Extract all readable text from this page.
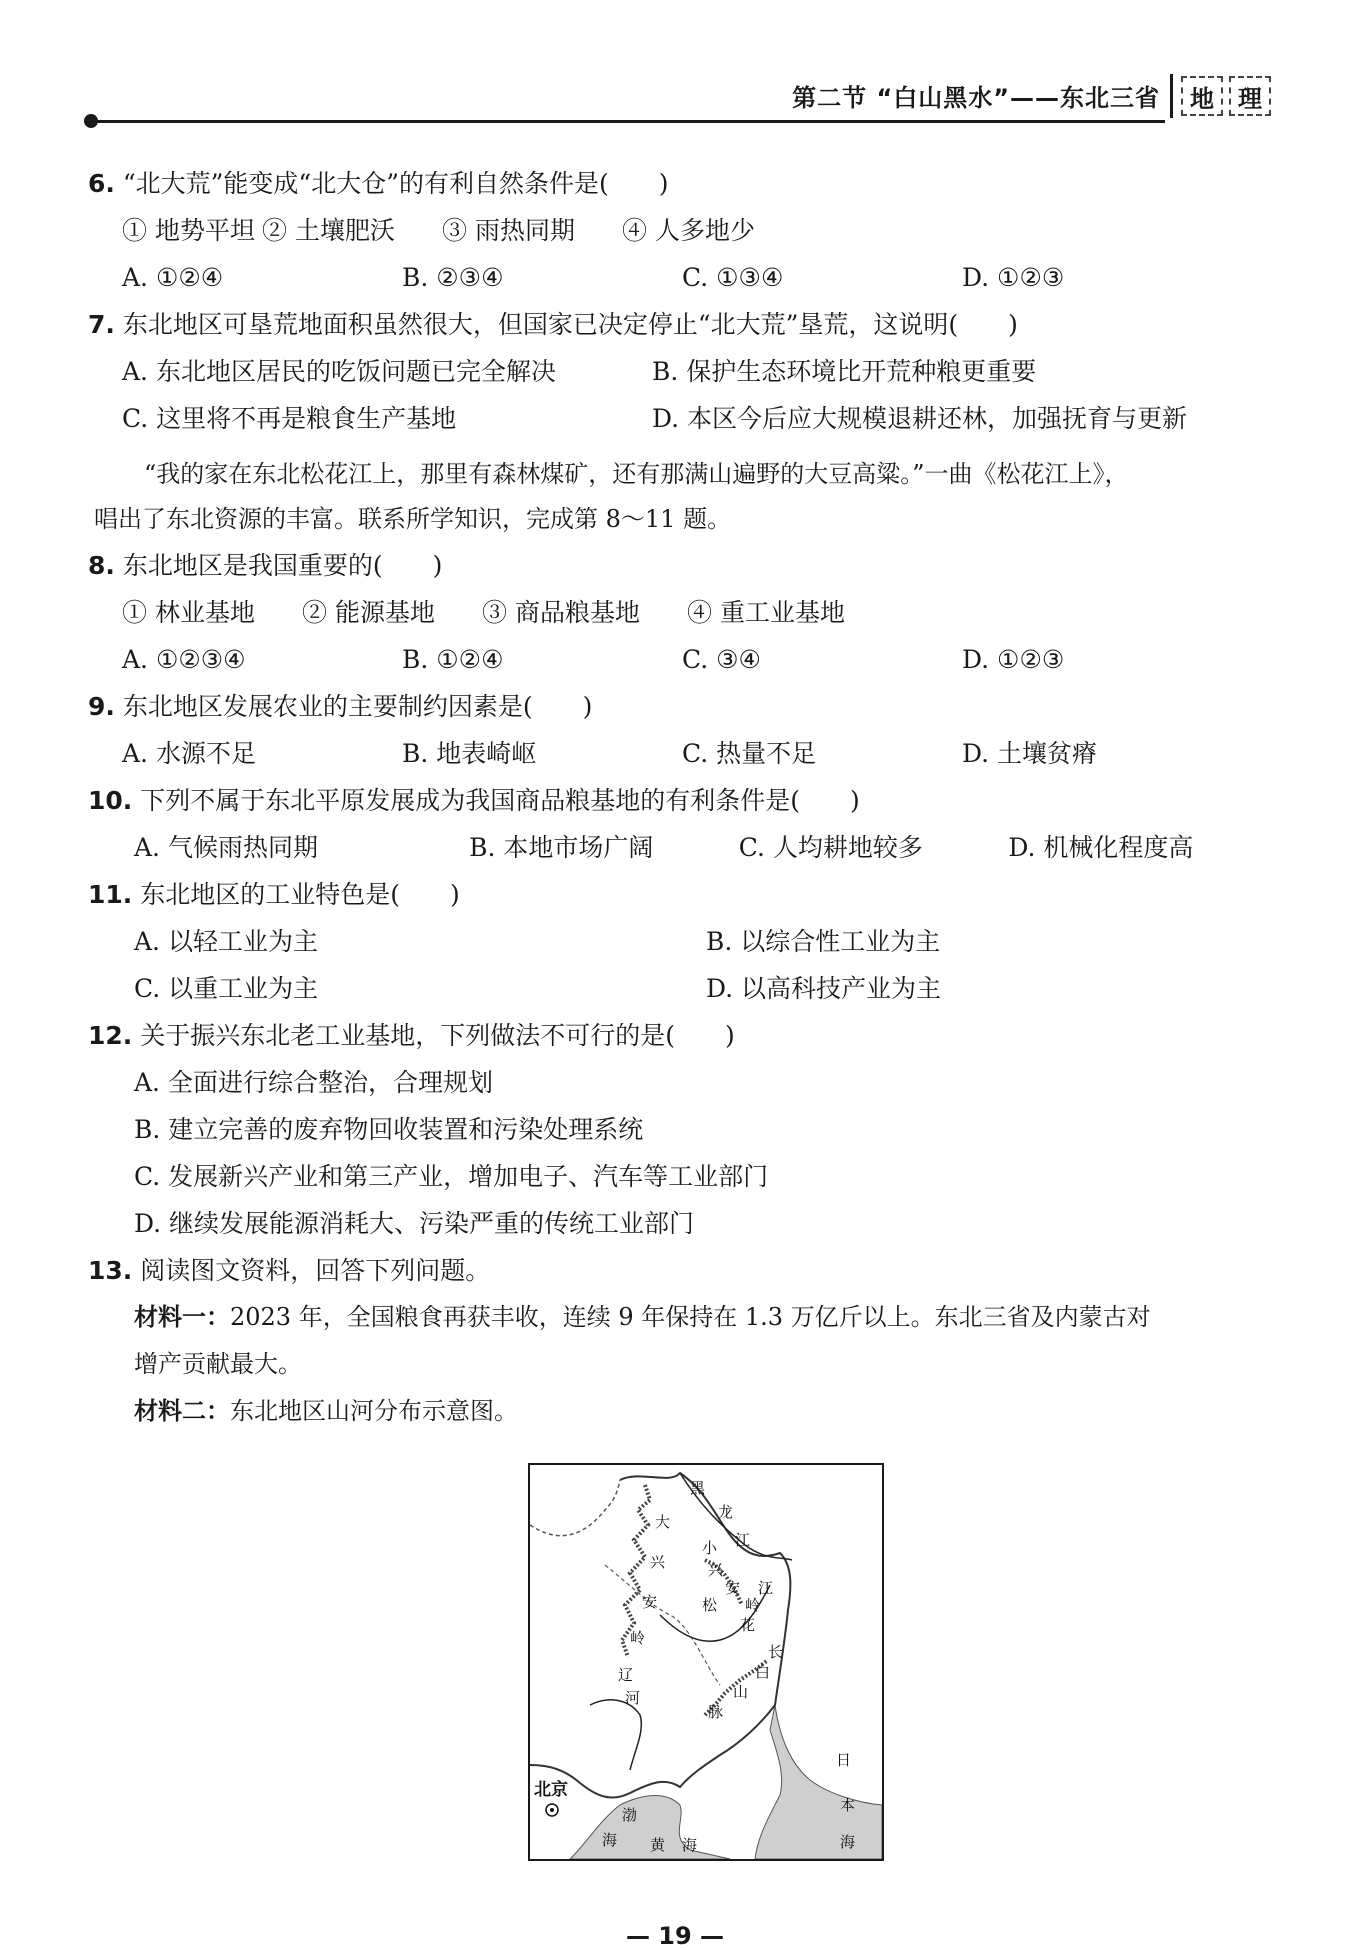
第二节 “白山黑水”——东北三省	地	理
6. “北大荒”能变成“北大仓”的有利自然条件是(　　)
① 地势平坦 ② 土壤肥沃	③ 雨热同期	④ 人多地少
A. ①②④	B. ②③④	C. ①③④	D. ①②③
7. 东北地区可垦荒地面积虽然很大，但国家已决定停止“北大荒”垦荒，这说明(　　)
A. 东北地区居民的吃饭问题已完全解决	B. 保护生态环境比开荒种粮更重要
C. 这里将不再是粮食生产基地	D. 本区今后应大规模退耕还林，加强抚育与更新
“我的家在东北松花江上，那里有森林煤矿，还有那满山遍野的大豆高粱。”一曲《松花江上》，
唱出了东北资源的丰富。联系所学知识，完成第 8～11 题。
8. 东北地区是我国重要的(　　)
① 林业基地	② 能源基地	③ 商品粮基地	④ 重工业基地
A. ①②③④	B. ①②④	C. ③④	D. ①②③
9. 东北地区发展农业的主要制约因素是(　　)
A. 水源不足	B. 地表崎岖	C. 热量不足	D. 土壤贫瘠
10. 下列不属于东北平原发展成为我国商品粮基地的有利条件是(　　)
A. 气候雨热同期	B. 本地市场广阔	C. 人均耕地较多	D. 机械化程度高
11. 东北地区的工业特色是(　　)
A. 以轻工业为主	B. 以综合性工业为主
C. 以重工业为主	D. 以高科技产业为主
12. 关于振兴东北老工业基地，下列做法不可行的是(　　)
A. 全面进行综合整治，合理规划
B. 建立完善的废弃物回收装置和污染处理系统
C. 发展新兴产业和第三产业，增加电子、汽车等工业部门
D. 继续发展能源消耗大、污染严重的传统工业部门
13. 阅读图文资料，回答下列问题。
材料一：2023 年，全国粮食再获丰收，连续 9 年保持在 1.3 万亿斤以上。东北三省及内蒙古对
增产贡献最大。
材料二：东北地区山河分布示意图。
北京
大
兴
安
岭
黑
龙
江
小
兴
安
岭
松
花
江
辽
河
长
白
山
脉
渤
海 黄 海
日
本
海
— 19 —
